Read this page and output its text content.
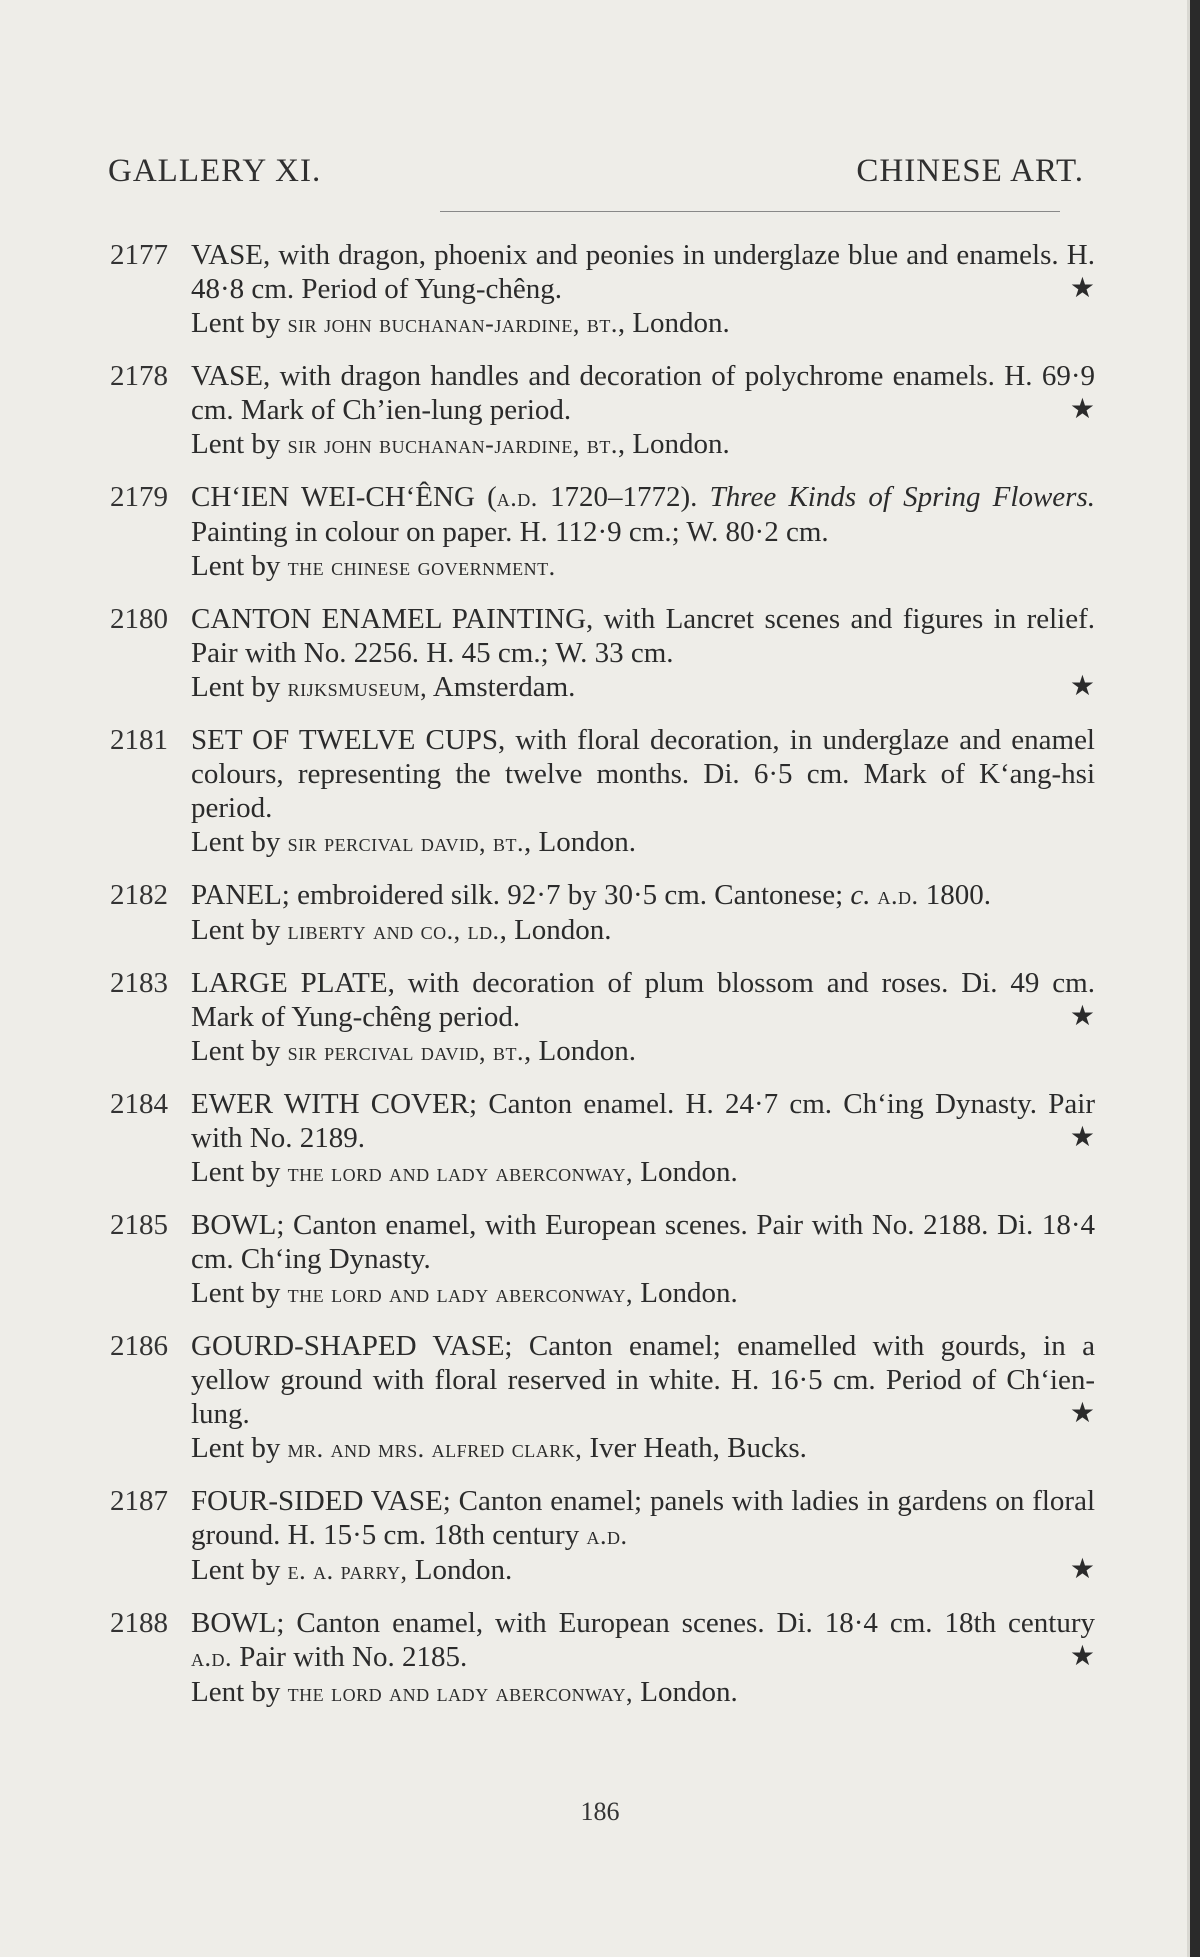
GALLERY XI.	CHINESE ART.
2177 VASE, with dragon, phoenix and peonies in underglaze blue and enamels. H. 48·8 cm. Period of Yung-chêng.	★
Lent by sir john buchanan-jardine, bt., London.
2178 VASE, with dragon handles and decoration of polychrome enamels. H. 69·9 cm. Mark of Ch’ien-lung period.	★
Lent by sir john buchanan-jardine, bt., London.
2179 CH‘IEN WEI-CH‘ÊNG (a.d. 1720–1772). Three Kinds of Spring Flowers. Painting in colour on paper. H. 112·9 cm.; W. 80·2 cm.
Lent by the chinese government.
2180 CANTON ENAMEL PAINTING, with Lancret scenes and figures in relief. Pair with No. 2256. H. 45 cm.; W. 33 cm.
Lent by rijksmuseum, Amsterdam.	★
2181 SET OF TWELVE CUPS, with floral decoration, in underglaze and enamel colours, representing the twelve months. Di. 6·5 cm. Mark of K‘ang-hsi period.
Lent by sir percival david, bt., London.
2182 PANEL; embroidered silk. 92·7 by 30·5 cm. Cantonese; c. a.d. 1800.
Lent by liberty and co., ld., London.
2183 LARGE PLATE, with decoration of plum blossom and roses. Di. 49 cm. Mark of Yung-chêng period.	★
Lent by sir percival david, bt., London.
2184 EWER WITH COVER; Canton enamel. H. 24·7 cm. Ch‘ing Dynasty. Pair with No. 2189.	★
Lent by the lord and lady aberconway, London.
2185 BOWL; Canton enamel, with European scenes. Pair with No. 2188. Di. 18·4 cm. Ch‘ing Dynasty.
Lent by the lord and lady aberconway, London.
2186 GOURD-SHAPED VASE; Canton enamel; enamelled with gourds, in a yellow ground with floral reserved in white. H. 16·5 cm. Period of Ch‘ien-lung.	★
Lent by mr. and mrs. alfred clark, Iver Heath, Bucks.
2187 FOUR-SIDED VASE; Canton enamel; panels with ladies in gardens on floral ground. H. 15·5 cm. 18th century a.d.
Lent by e. a. parry, London.	★
2188 BOWL; Canton enamel, with European scenes. Di. 18·4 cm. 18th century a.d. Pair with No. 2185.	★
Lent by the lord and lady aberconway, London.
186
